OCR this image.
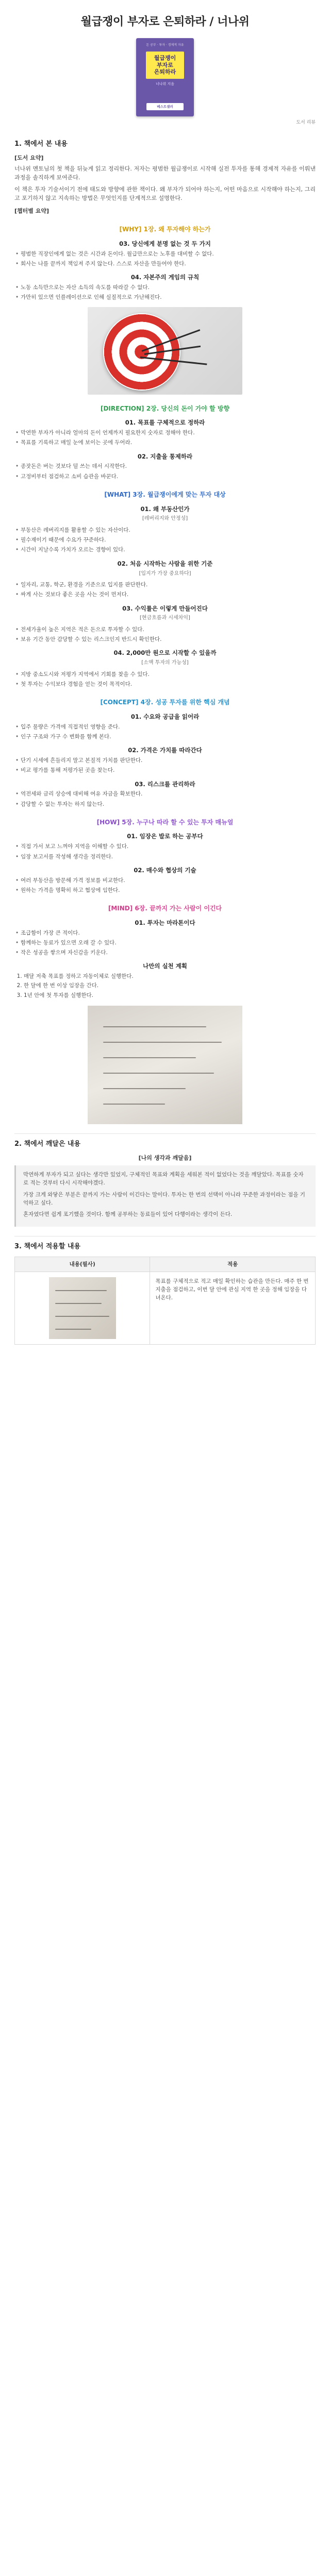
월급쟁이 부자로 은퇴하라 / 너나위
돈 공부 · 투자 · 경제적 자유
월급쟁이
부자로
은퇴하라
너나위 지음
베스트셀러
도서 리뷰
1. 책에서 본 내용
[도서 요약]

너나위 멘토님의 첫 책을 뒤늦게 읽고 정리한다. 저자는 평범한 월급쟁이로 시작해 실전 투자를 통해 경제적 자유를 이뤄낸 과정을 솔직하게 보여준다.

이 책은 투자 기술서이기 전에 태도와 방향에 관한 책이다. 왜 부자가 되어야 하는지, 어떤 마음으로 시작해야 하는지, 그리고 포기하지 않고 지속하는 방법은 무엇인지를 단계적으로 설명한다.

[챕터별 요약]
[WHY] 1장. 왜 투자해야 하는가
03. 당신에게 분명 없는 것 두 가지
• 평범한 직장인에게 없는 것은 시간과 돈이다. 월급만으로는 노후를 대비할 수 없다.
• 회사는 나를 끝까지 책임져 주지 않는다. 스스로 자산을 만들어야 한다.
04. 자본주의 게임의 규칙
• 노동 소득만으로는 자산 소득의 속도를 따라갈 수 없다.
• 가만히 있으면 인플레이션으로 인해 실질적으로 가난해진다.
[DIRECTION] 2장. 당신의 돈이 가야 할 방향
01. 목표를 구체적으로 정하라
• 막연한 부자가 아니라 얼마의 돈이 언제까지 필요한지 숫자로 정해야 한다.
• 목표를 기록하고 매일 눈에 보이는 곳에 두어라.
02. 지출을 통제하라
• 종잣돈은 버는 것보다 덜 쓰는 데서 시작한다.
• 고정비부터 점검하고 소비 습관을 바꾼다.
[WHAT] 3장. 월급쟁이에게 맞는 투자 대상
01. 왜 부동산인가
[레버리지와 안정성]
• 부동산은 레버리지를 활용할 수 있는 자산이다.
• 필수재이기 때문에 수요가 꾸준하다.
• 시간이 지날수록 가치가 오르는 경향이 있다.
02. 처음 시작하는 사람을 위한 기준
[입지가 가장 중요하다]
• 일자리, 교통, 학군, 환경을 기준으로 입지를 판단한다.
• 싸게 사는 것보다 좋은 곳을 사는 것이 먼저다.
03. 수익률은 이렇게 만들어진다
[현금흐름과 시세차익]
• 전세가율이 높은 지역은 적은 돈으로 투자할 수 있다.
• 보유 기간 동안 감당할 수 있는 리스크인지 반드시 확인한다.
04. 2,000만 원으로 시작할 수 있을까
[소액 투자의 가능성]
• 지방 중소도시와 저평가 지역에서 기회를 찾을 수 있다.
• 첫 투자는 수익보다 경험을 얻는 것이 목적이다.
[CONCEPT] 4장. 성공 투자를 위한 핵심 개념
01. 수요와 공급을 읽어라
• 입주 물량은 가격에 직접적인 영향을 준다.
• 인구 구조와 가구 수 변화를 함께 본다.
02. 가격은 가치를 따라간다
• 단기 시세에 흔들리지 말고 본질적 가치를 판단한다.
• 비교 평가를 통해 저평가된 곳을 찾는다.
03. 리스크를 관리하라
• 역전세와 금리 상승에 대비해 여유 자금을 확보한다.
• 감당할 수 없는 투자는 하지 않는다.
[HOW] 5장. 누구나 따라 할 수 있는 투자 매뉴얼
01. 임장은 발로 하는 공부다
• 직접 가서 보고 느껴야 지역을 이해할 수 있다.
• 임장 보고서를 작성해 생각을 정리한다.
02. 매수와 협상의 기술
• 여러 부동산을 방문해 가격 정보를 비교한다.
• 원하는 가격을 명확히 하고 협상에 임한다.
[MIND] 6장. 끝까지 가는 사람이 이긴다
01. 투자는 마라톤이다
• 조급함이 가장 큰 적이다.
• 함께하는 동료가 있으면 오래 갈 수 있다.
• 작은 성공을 쌓으며 자신감을 키운다.
나만의 실천 계획
1. 매달 저축 목표를 정하고 자동이체로 실행한다.
2. 한 달에 한 번 이상 임장을 간다.
3. 1년 안에 첫 투자를 실행한다.
2. 책에서 깨달은 내용
[나의 생각과 깨달음]

막연하게 부자가 되고 싶다는 생각만 있었지, 구체적인 목표와 계획을 세워본 적이 없었다는 것을 깨달았다. 목표를 숫자로 적는 것부터 다시 시작해야겠다.

가장 크게 와닿은 부분은 끝까지 가는 사람이 이긴다는 말이다. 투자는 한 번의 선택이 아니라 꾸준한 과정이라는 점을 기억하고 싶다.

혼자였다면 쉽게 포기했을 것이다. 함께 공부하는 동료들이 있어 다행이라는 생각이 든다.

3. 책에서 적용할 내용
내용(필사)	적용

	목표를 구체적으로 적고 매일 확인하는 습관을 만든다. 매주 한 번 지출을 점검하고, 이번 달 안에 관심 지역 한 곳을 정해 임장을 다녀온다.
